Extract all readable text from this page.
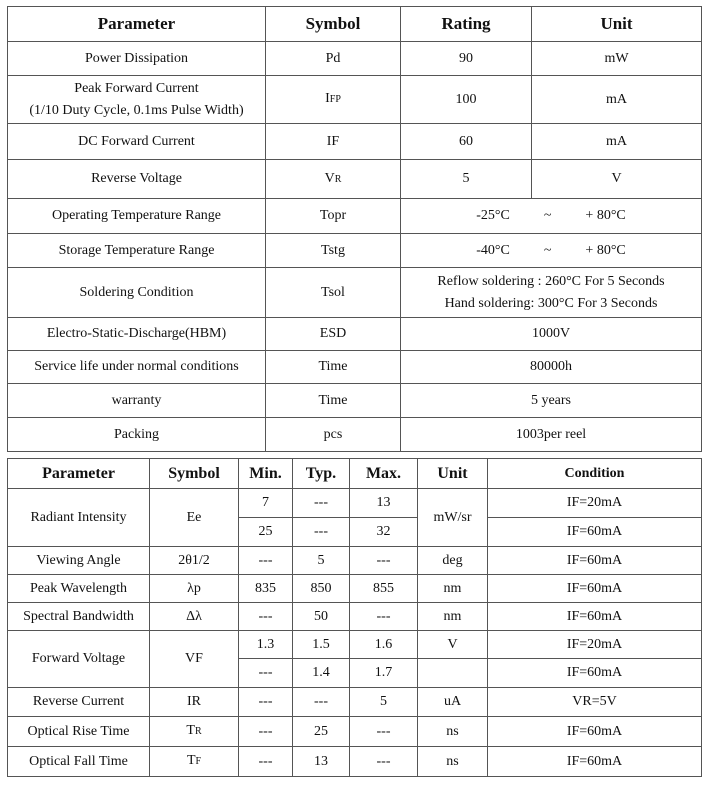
Parameter	Symbol	Rating	Unit
Power Dissipation	Pd	90	mW

Peak Forward Current
(1/10 Duty Cycle, 0.1ms Pulse Width)	IFP	100	mA
DC Forward Current	IF	60	mA
Reverse Voltage	VR	5	V
Operating Temperature Range	Topr	-25°C ~ + 80°C	

Storage Temperature Range	Tstg	-40°C ~ + 80°C	

Soldering Condition	Tsol	Reflow soldering : 260°C For 5 Seconds
Hand soldering: 300°C For 3 Seconds	

Electro-Static-Discharge(HBM)	ESD	1000V	
Service life under normal conditions	Time	80000h	
warranty	Time	5 years	
Packing	pcs	1003per reel	
Parameter	Symbol	Min.	Typ.	Max.	Unit	Condition
Radiant Intensity	Ee	7	---	13	mW/sr	IF=20mA
		25	---	32		IF=60mA
Viewing Angle	2θ1/2	---	5	---	deg	IF=60mA
Peak Wavelength	λp	835	850	855	nm	IF=60mA
Spectral Bandwidth	Δλ	---	50	---	nm	IF=60mA
Forward Voltage	VF	1.3	1.5	1.6	V	IF=20mA
		---	1.4	1.7		IF=60mA
Reverse Current	IR	---	---	5	uA	VR=5V
Optical Rise Time	TR	---	25	---	ns	IF=60mA
Optical Fall Time	TF	---	13	---	ns	IF=60mA
